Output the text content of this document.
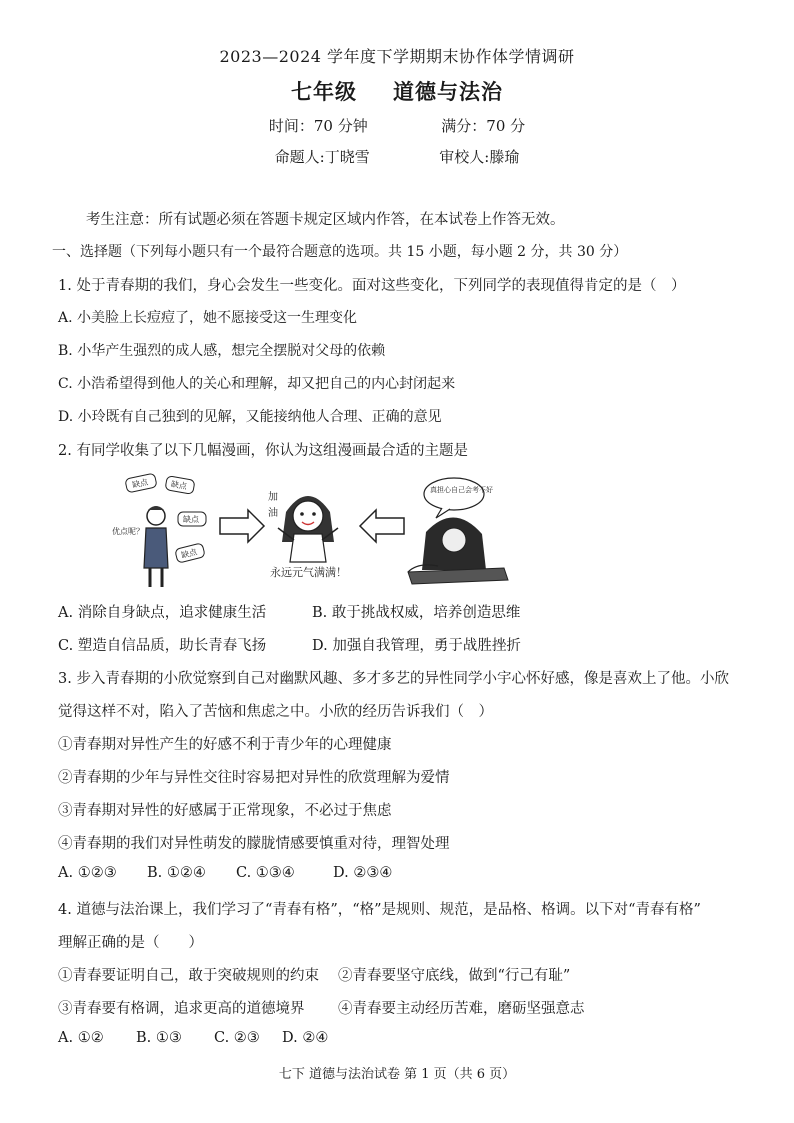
2023—2024 学年度下学期期末协作体学情调研
七年级 道德与法治
时间：70 分钟	满分：70 分
命题人:丁晓雪	审校人:滕瑜
考生注意：所有试题必须在答题卡规定区域内作答，在本试卷上作答无效。
一、选择题（下列每小题只有一个最符合题意的选项。共 15 小题，每小题 2 分，共 30 分）
1. 处于青春期的我们，身心会发生一些变化。面对这些变化，下列同学的表现值得肯定的是（　）
A. 小美脸上长痘痘了，她不愿接受这一生理变化
B. 小华产生强烈的成人感，想完全摆脱对父母的依赖
C. 小浩希望得到他人的关心和理解，却又把自己的内心封闭起来
D. 小玲既有自己独到的见解，又能接纳他人合理、正确的意见
2. 有同学收集了以下几幅漫画，你认为这组漫画最合适的主题是
缺点	缺点
缺点
缺点
优点呢？
加
油
永远元气满满！
真担心自己会考不好
A. 消除自身缺点，追求健康生活	B. 敢于挑战权威，培养创造思维
C. 塑造自信品质，助长青春飞扬	D. 加强自我管理，勇于战胜挫折
3. 步入青春期的小欣觉察到自己对幽默风趣、多才多艺的异性同学小宇心怀好感，像是喜欢上了他。小欣
觉得这样不对，陷入了苦恼和焦虑之中。小欣的经历告诉我们（　）
①青春期对异性产生的好感不利于青少年的心理健康
②青春期的少年与异性交往时容易把对异性的欣赏理解为爱情
③青春期对异性的好感属于正常现象，不必过于焦虑
④青春期的我们对异性萌发的朦胧情感要慎重对待，理智处理
A. ①②③ B. ①②④ C. ①③④	D. ②③④
4. 道德与法治课上，我们学习了“青春有格”，“格”是规则、规范，是品格、格调。以下对“青春有格”
理解正确的是（　　）
①青春要证明自己，敢于突破规则的约束 ②青春要坚守底线，做到“行己有耻”
③青春要有格调，追求更高的道德境界 ④青春要主动经历苦难，磨砺坚强意志
A. ①② B. ①③ C. ②③ D. ②④
七下 道德与法治试卷 第 1 页（共 6 页）
